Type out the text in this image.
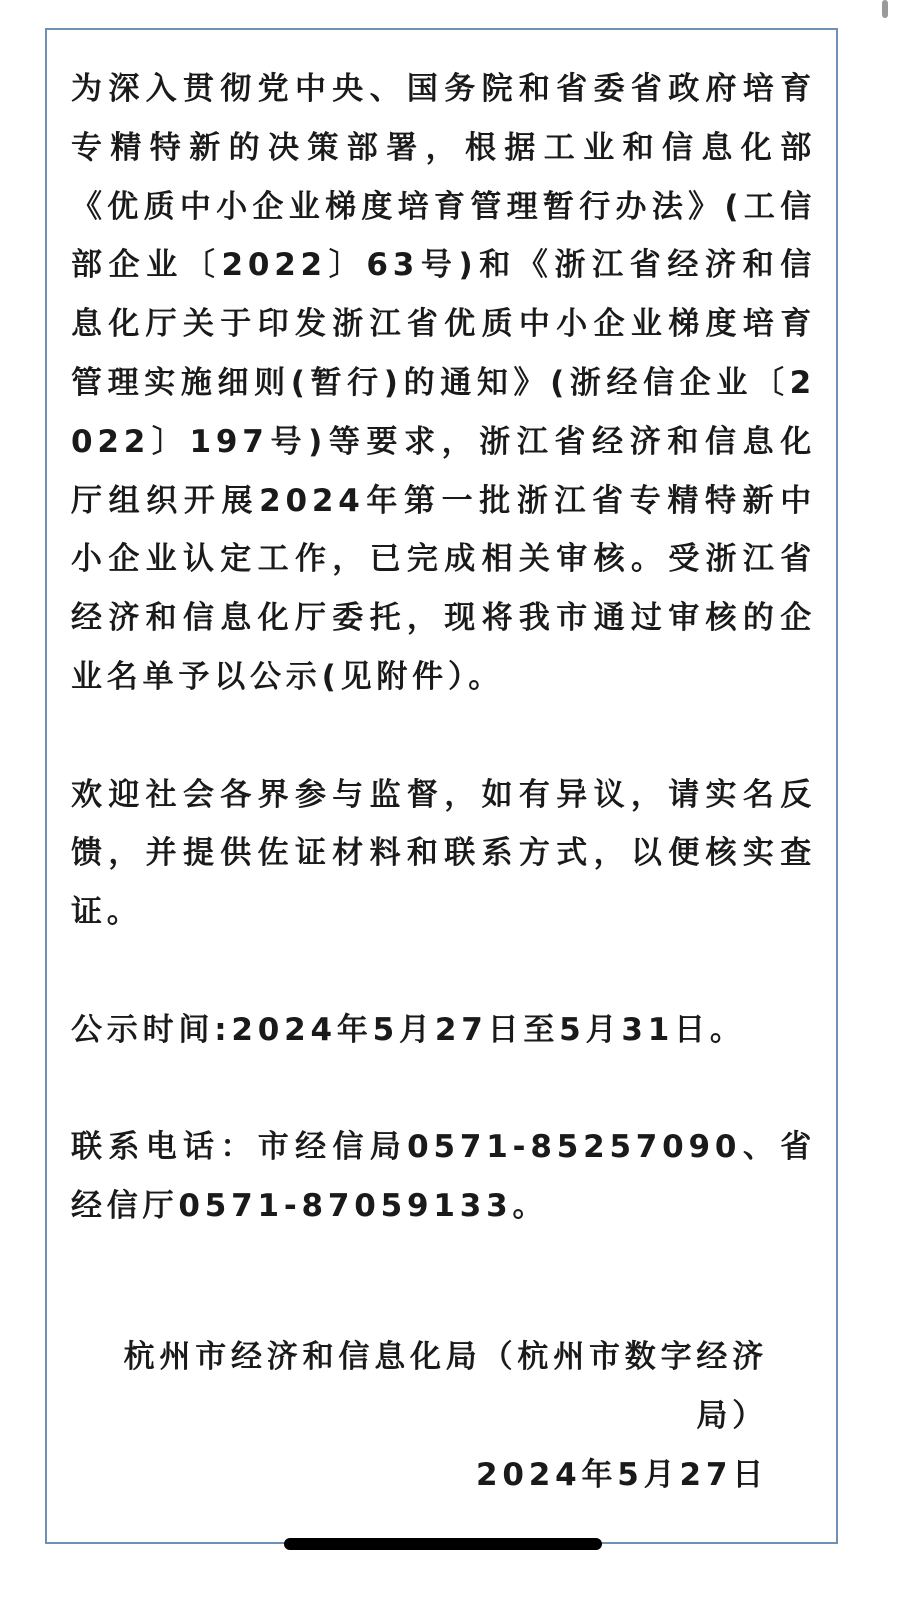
为深入贯彻党中央、国务院和省委省政府培育专精特新的决策部署，根据工业和信息化部《优质中小企业梯度培育管理暂行办法》(工信部企业〔2022〕63号)和《浙江省经济和信息化厅关于印发浙江省优质中小企业梯度培育管理实施细则(暂行)的通知》(浙经信企业〔2022〕197号)等要求，浙江省经济和信息化厅组织开展2024年第一批浙江省专精特新中小企业认定工作，已完成相关审核。受浙江省经济和信息化厅委托，现将我市通过审核的企业名单予以公示(见附件）。

欢迎社会各界参与监督，如有异议，请实名反馈，并提供佐证材料和联系方式，以便核实查证。

公示时间:2024年5月27日至5月31日。

联系电话：市经信局0571-85257090、省经信厅0571-87059133。

杭州市经济和信息化局（杭州市数字经济
局）
2024年5月27日
